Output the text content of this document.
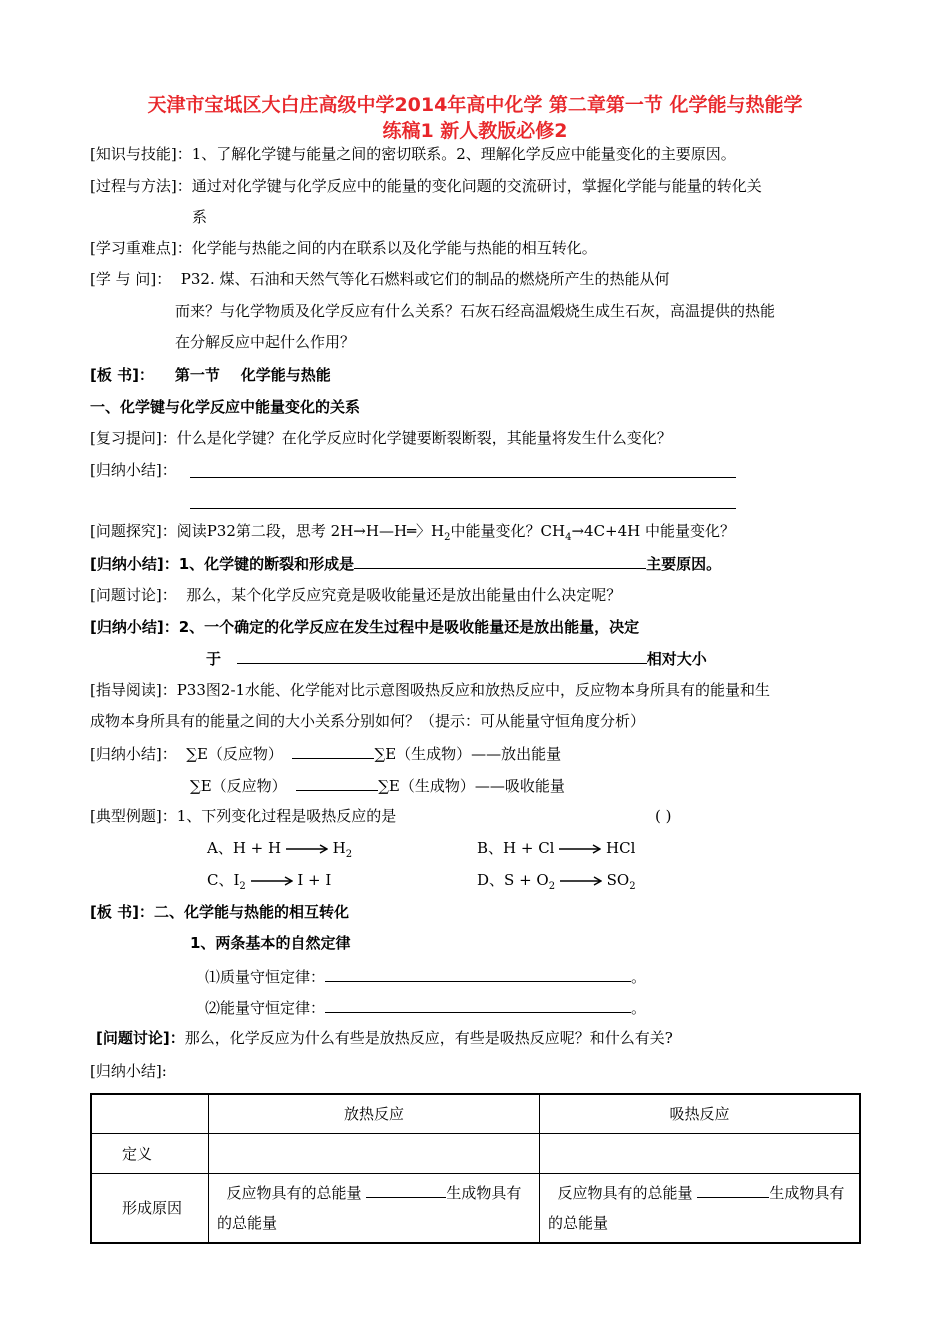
天津市宝坻区大白庄高级中学2014年高中化学 第二章第一节 化学能与热能学
练稿1 新人教版必修2
[知识与技能]：1、了解化学键与能量之间的密切联系。2、理解化学反应中能量变化的主要原因。
[过程与方法]：通过对化学键与化学反应中的能量的变化问题的交流研讨，掌握化学能与能量的转化关
系
[学习重难点]：化学能与热能之间的内在联系以及化学能与热能的相互转化。
[学 与 问]： P32. 煤、石油和天然气等化石燃料或它们的制品的燃烧所产生的热能从何
而来？与化学物质及化学反应有什么关系？石灰石经高温煅烧生成生石灰，高温提供的热能
在分解反应中起什么作用？
[板 书]： 第一节 化学能与热能
一、化学键与化学反应中能量变化的关系
[复习提问]：什么是化学键？在化学反应时化学键要断裂断裂，其能量将发生什么变化？
[归纳小结]：
[问题探究]：阅读P32第二段，思考 2H→H—H═〉$H_2$中能量变化？$CH_4\to 4C+4H$ 中能量变化？
[归纳小结]：1、化学键的断裂和形成是	主要原因。
[问题讨论]： 那么，某个化学反应究竟是吸收能量还是放出能量由什么决定呢？
[归纳小结]：2、一个确定的化学反应在发生过程中是吸收能量还是放出能量，决定
于	相对大小
[指导阅读]：P33图2-1水能、化学能对比示意图吸热反应和放热反应中，反应物本身所具有的能量和生
成物本身所具有的能量之间的大小关系分别如何？（提示：可从能量守恒角度分析）
[归纳小结]： ∑E（反应物）	∑E（生成物）——放出能量
∑E（反应物）	∑E（生成物）——吸收能量
[典型例题]：1、下列变化过程是吸热反应的是	( )
A、H + H	$H_2$	B、H + Cl	HCl
C、$I_2$	I + I	D、$S + O_2$	$SO_2$
[板 书]：二、化学能与热能的相互转化
1、两条基本的自然定律
⑴质量守恒定律：	。
⑵能量守恒定律：	。
[问题讨论]：那么，化学反应为什么有些是放热反应，有些是吸热反应呢？和什么有关?
[归纳小结]:
	放热反应	吸热反应
定义		
形成原因	反应物具有的总能量 生成物具有的总能量	反应物具有的总能量 生成物具有的总能量
